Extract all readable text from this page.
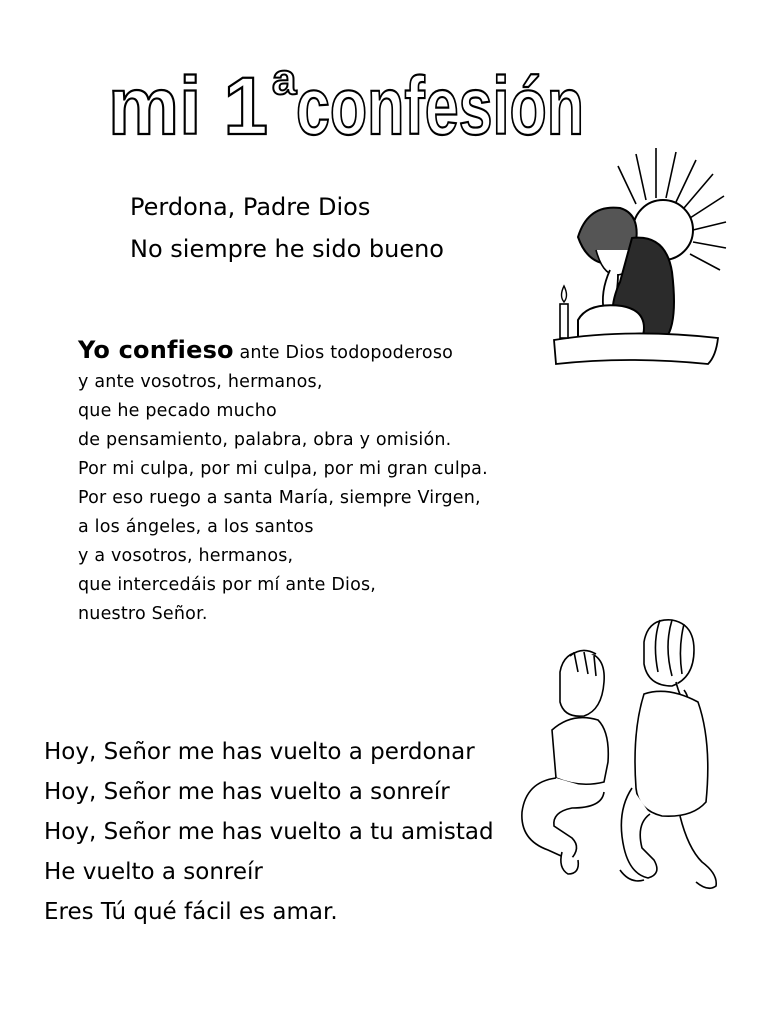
mi 1 a confesión
Perdona, Padre Dios
No siempre he sido bueno
Yo confieso ante Dios todopoderoso
y ante vosotros, hermanos,
que he pecado mucho
de pensamiento, palabra, obra y omisión.
Por mi culpa, por mi culpa, por mi gran culpa.
Por eso ruego a santa María, siempre Virgen,
a los ángeles, a los santos
y a vosotros, hermanos,
que intercedáis por mí ante Dios,
nuestro Señor.
Hoy, Señor me has vuelto a perdonar
Hoy, Señor me has vuelto a sonreír
Hoy, Señor me has vuelto a tu amistad
He vuelto a sonreír
Eres Tú qué fácil es amar.
